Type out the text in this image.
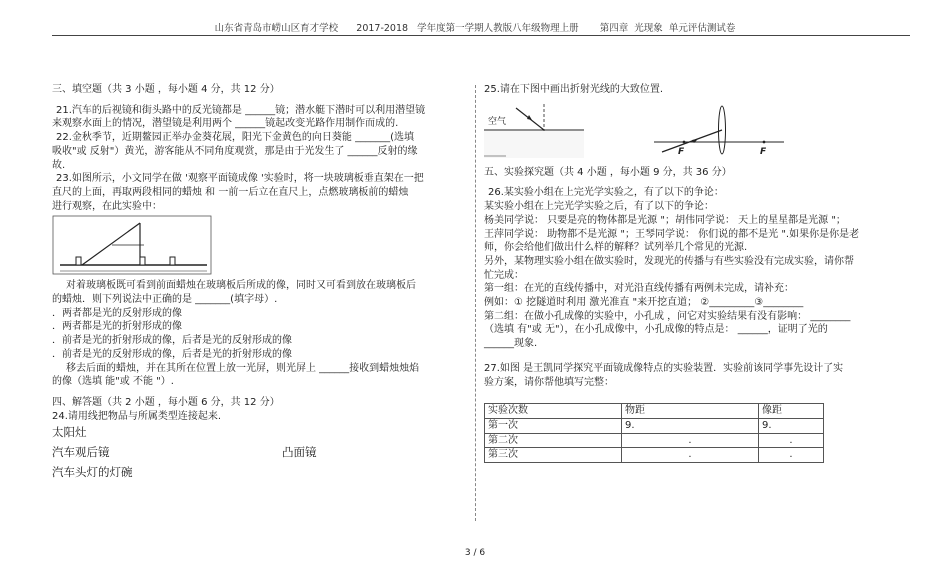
山东省青岛市崂山区育才学校      2017-2018   学年度第一学期人教版八年级物理上册       第四章  光现象  单元评估测试卷

三、填空题（共 3 小题 ，每小题 4 分，共 12 分）

21.汽车的后视镜和街头路中的反光镜都是 ______镜；潜水艇下潜时可以利用潜望镜

来观察水面上的情况，潜望镜是利用两个 ______镜起改变光路作用制作而成的.

22.金秋季节，近期鳌园正举办金葵花展，阳光下金黄色的向日葵能 _______(选填

吸收"或 反射"）黄光，游客能从不同角度观赏，那是由于光发生了 ______反射的缘

故.

23.如图所示，小文同学在做 '观察平面镜成像 '实验时，将一块玻璃板垂直架在一把

直尺的上面，再取两段相同的蜡烛 和 一前一后立在直尺上，点燃玻璃板前的蜡烛

进行观察，在此实验中：

对着玻璃板既可看到前面蜡烛在玻璃板后所成的像，同时又可看到放在玻璃板后

的蜡烛．则下列说法中正确的是 _______(填字母）.

．两者都是光的反射形成的像

．两者都是光的折射形成的像

．前者是光的折射形成的像，后者是光的反射形成的像

．前者是光的反射形成的像，后者是光的折射形成的像

移去后面的蜡烛，并在其所在位置上放一光屏，则光屏上 ______接收到蜡烛烛焰

的像（选填 能"或 不能 "）.

四、解答题（共 2 小题 ，每小题 6 分，共 12 分）

24.请用线把物品与所属类型连接起来.

太阳灶
汽车观后镜
汽车头灯的灯碗
凸面镜

25.请在下图中画出折射光线的大致位置.

空气
F	F

五、实验探究题（共 4 小题 ，每小题 9 分，共 36 分）

26.某实验小组在上完光学实验之，有了以下的争论：

某实验小组在上完光学实验之后，有了以下的争论：

杨美同学说： 只要是亮的物体都是光源 "；胡伟同学说： 天上的星星都是光源 "；

王萍同学说： 助物都不是光源 "；王琴同学说： 你们说的都不是光 ".如果你是你是老

师，你会给他们做出什么样的解释？试列举几个常见的光源.

另外，某物理实验小组在做实验时，发现光的传播与有些实验没有完成实验，请你帮

忙完成：

第一组：在光的直线传播中，对光沿直线传播有两例未完成，请补充：

例如：① 挖隧道时利用 激光准直 "来开挖直道； ②_________③________

第二组：在做小孔成像的实验中，小孔成 ，问它对实验结果有没有影响： ________

（选填 有"或 无"），在小孔成像中，小孔成像的特点是： ______，证明了光的

______现象.

27.如图 是王凯同学探究平面镜成像特点的实验装置．实验前该同学事先设计了实

验方案，请你帮他填写完整：

实验次数	物距	像距
第一次	9.	9.
第二次	.	.
第三次	.	.
3 / 6
